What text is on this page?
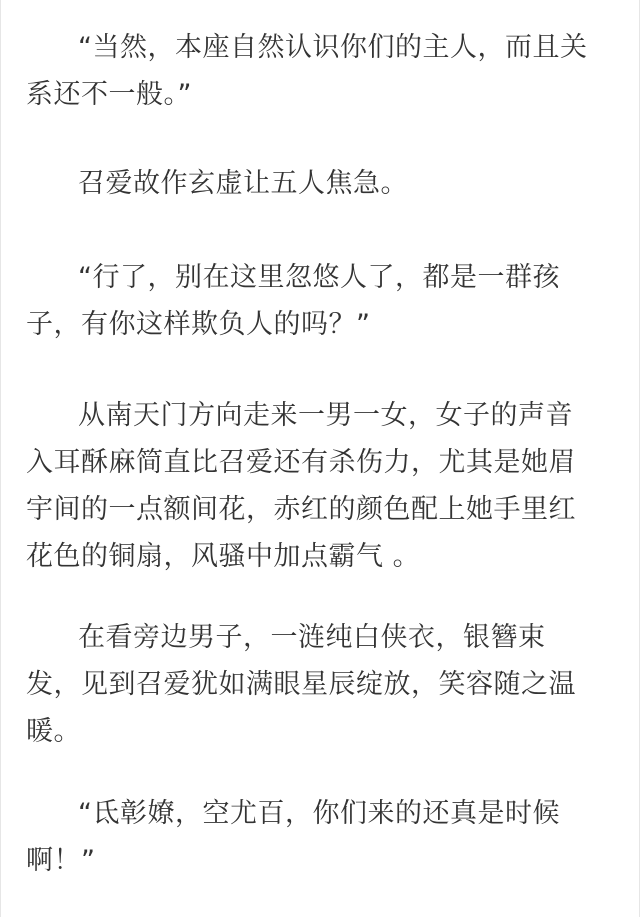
“当然，本座自然认识你们的主人，而且关
系还不一般。”
召爱故作玄虚让五人焦急。
“行了，别在这里忽悠人了，都是一群孩
子，有你这样欺负人的吗？”
从南天门方向走来一男一女，女子的声音
入耳酥麻简直比召爱还有杀伤力，尤其是她眉
宇间的一点额间花，赤红的颜色配上她手里红
花色的铜扇，风骚中加点霸气 。
在看旁边男子，一涟纯白侠衣，银簪束
发，见到召爱犹如满眼星辰绽放，笑容随之温
暖。
“氐彰嫽，空尤百，你们来的还真是时候
啊！”
